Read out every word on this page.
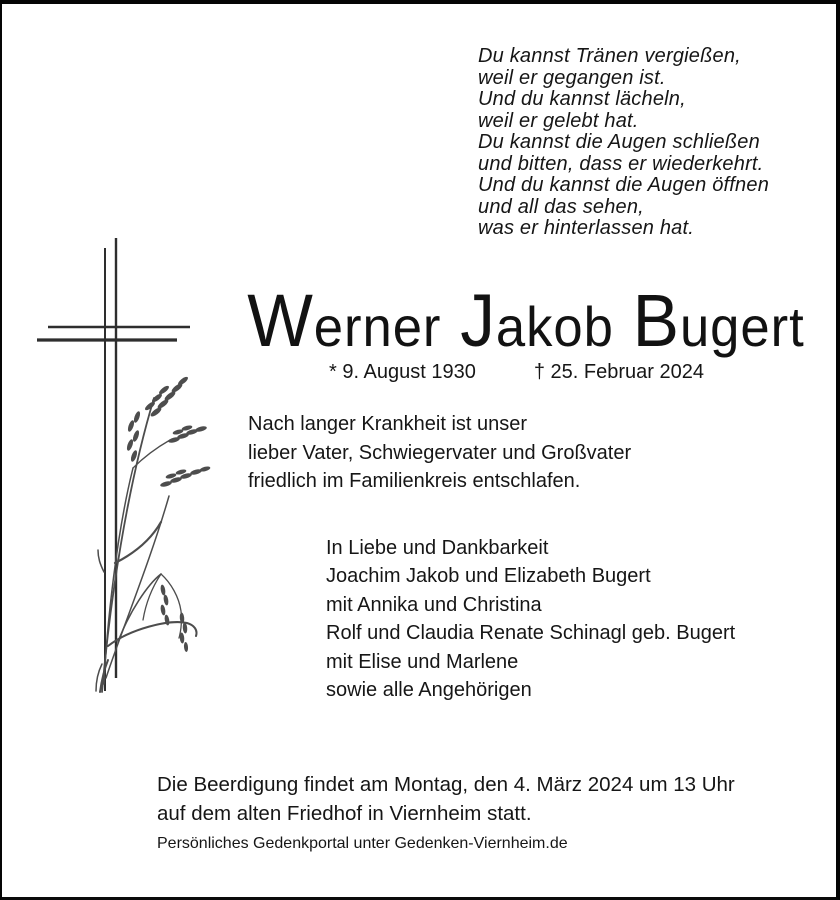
Du kannst Tränen vergießen,
weil er gegangen ist.
Und du kannst lächeln,
weil er gelebt hat.
Du kannst die Augen schließen
und bitten, dass er wiederkehrt.
Und du kannst die Augen öffnen
und all das sehen,
was er hinterlassen hat.
Werner Jakob Bugert
* 9. August 1930	† 25. Februar 2024
Nach langer Krankheit ist unser
lieber Vater, Schwiegervater und Großvater
friedlich im Familienkreis entschlafen.
In Liebe und Dankbarkeit
Joachim Jakob und Elizabeth Bugert
mit Annika und Christina
Rolf und Claudia Renate Schinagl geb. Bugert
mit Elise und Marlene
sowie alle Angehörigen
Die Beerdigung findet am Montag, den 4. März 2024 um 13 Uhr
auf dem alten Friedhof in Viernheim statt.
Persönliches Gedenkportal unter Gedenken-Viernheim.de
